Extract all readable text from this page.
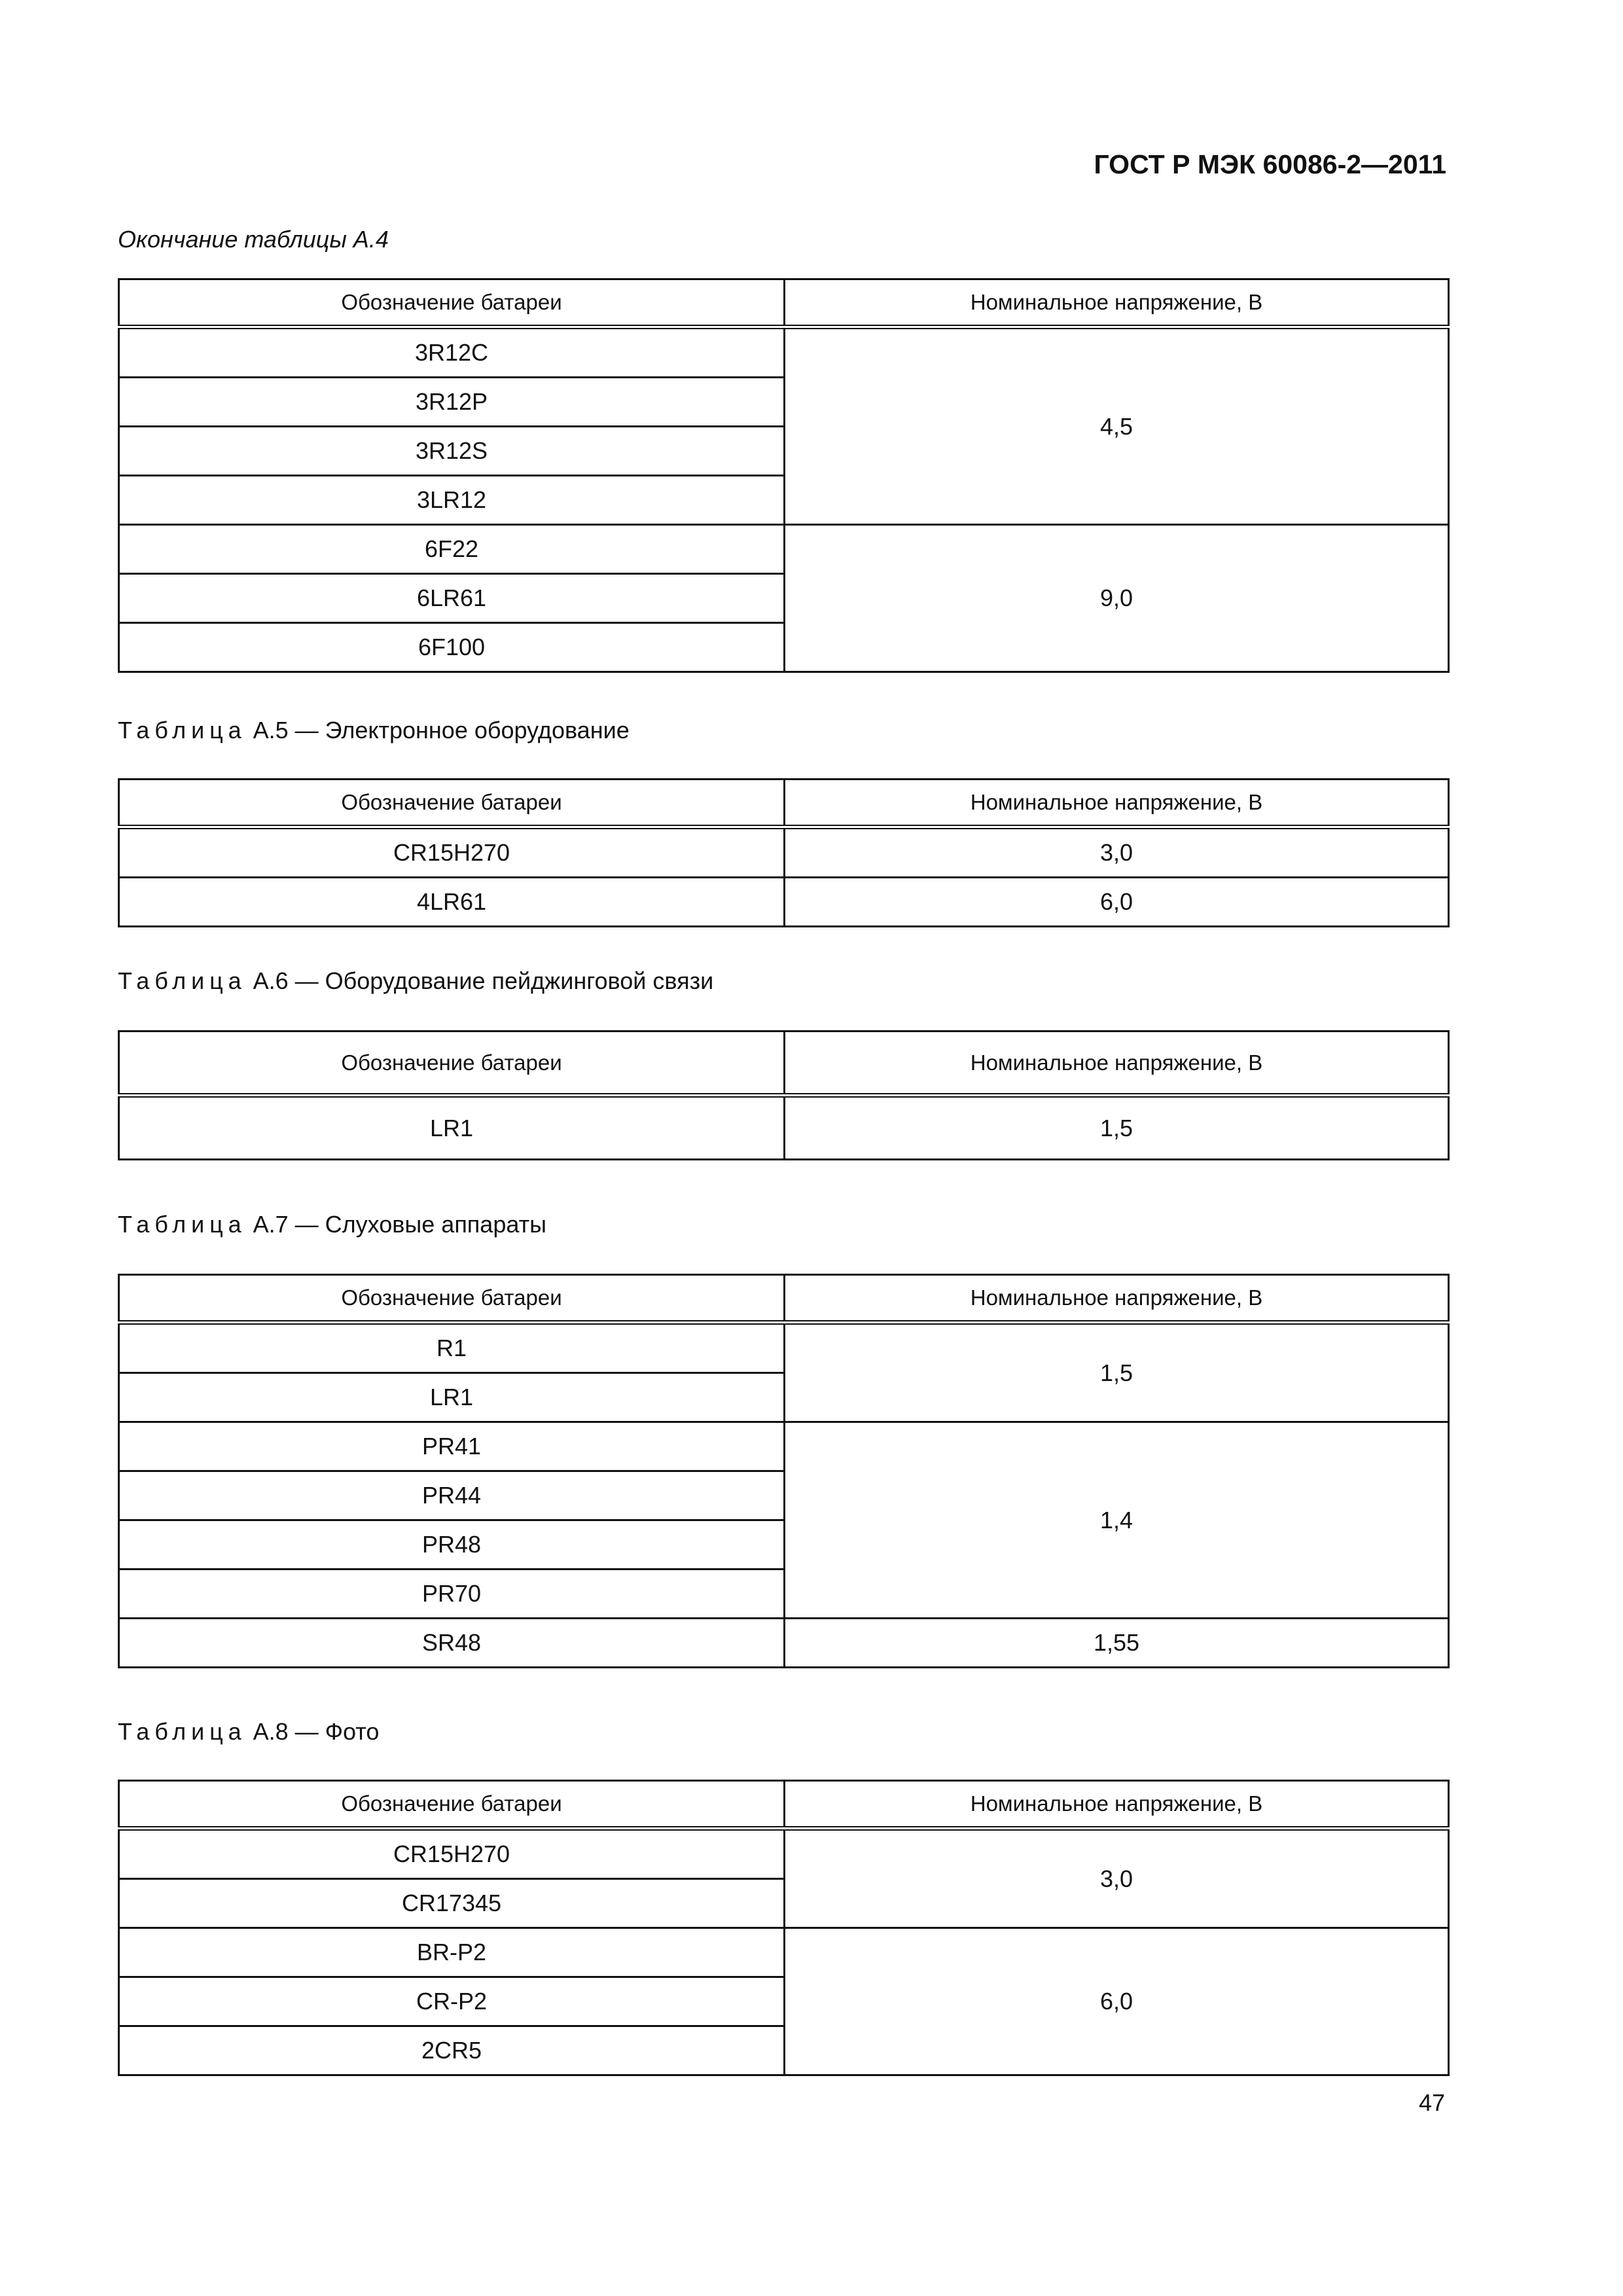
ГОСТ Р МЭК 60086-2—2011
Окончание таблицы А.4
Обозначение батареи	Номинальное напряжение, В
3R12C	4,5
3R12P	
3R12S	
3LR12	
6F22	9,0
6LR61	
6F100	
Таблица А.5 — Электронное оборудование
Обозначение батареи	Номинальное напряжение, В
CR15H270	3,0
4LR61	6,0
Таблица А.6 — Оборудование пейджинговой связи
Обозначение батареи	Номинальное напряжение, В
LR1	1,5
Таблица А.7 — Слуховые аппараты
Обозначение батареи	Номинальное напряжение, В
R1	1,5
LR1	
PR41	1,4
PR44	
PR48	
PR70	
SR48	1,55
Таблица А.8 — Фото
Обозначение батареи	Номинальное напряжение, В
CR15H270	3,0
CR17345	
BR-P2	6,0
CR-P2	
2CR5	
47
